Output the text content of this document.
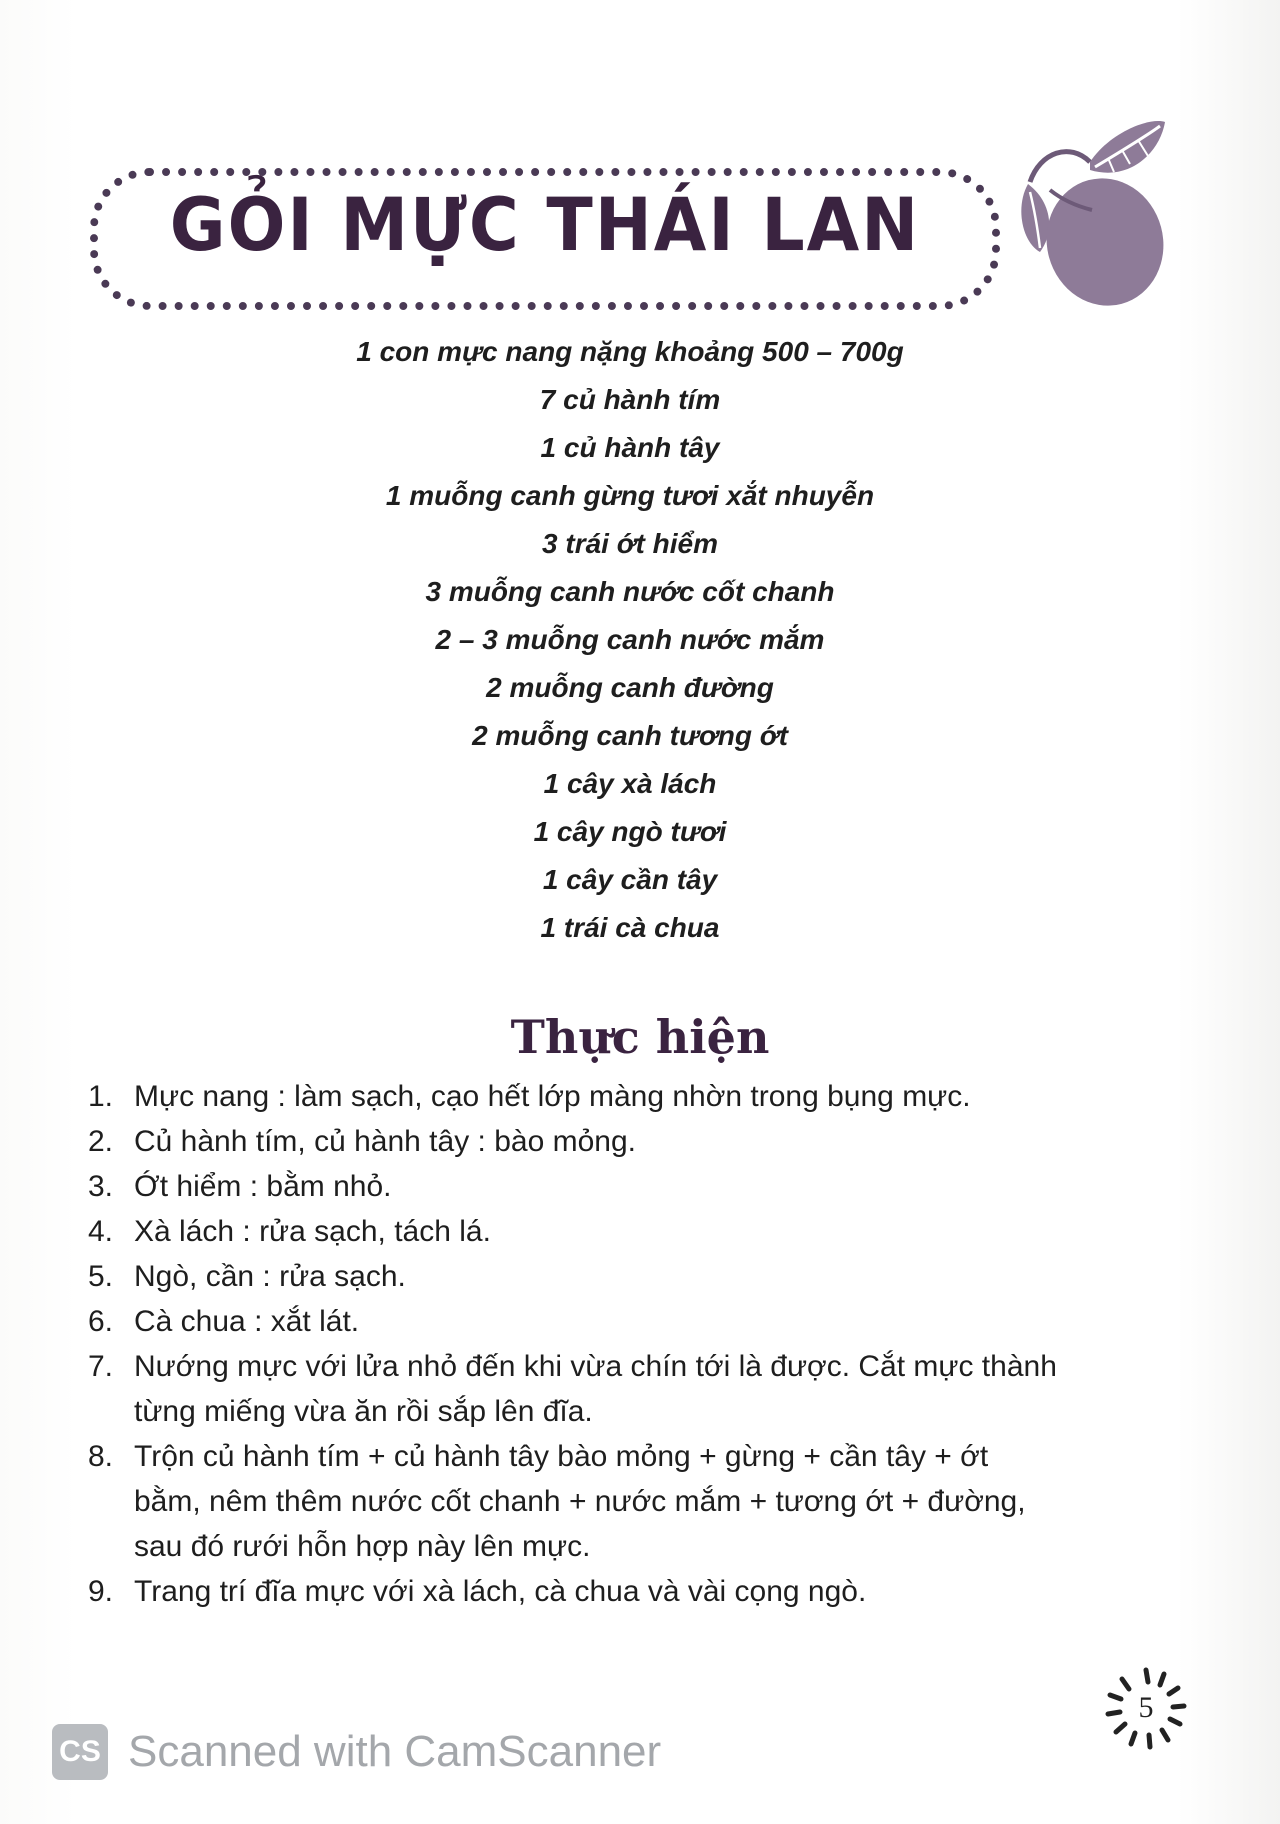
GỎI MỰC THÁI LAN
1 con mực nang nặng khoảng 500 – 700g
7 củ hành tím
1 củ hành tây
1 muỗng canh gừng tươi xắt nhuyễn
3 trái ớt hiểm
3 muỗng canh nước cốt chanh
2 – 3 muỗng canh nước mắm
2 muỗng canh đường
2 muỗng canh tương ớt
1 cây xà lách
1 cây ngò tươi
1 cây cần tây
1 trái cà chua
Thực hiện
1. Mực nang : làm sạch, cạo hết lớp màng nhờn trong bụng mực.
2. Củ hành tím, củ hành tây : bào mỏng.
3. Ớt hiểm : bằm nhỏ.
4. Xà lách : rửa sạch, tách lá.
5. Ngò, cần : rửa sạch.
6. Cà chua : xắt lát.
7. Nướng mực với lửa nhỏ đến khi vừa chín tới là được. Cắt mực thành
từng miếng vừa ăn rồi sắp lên đĩa.
8. Trộn củ hành tím + củ hành tây bào mỏng + gừng + cần tây + ớt
bằm, nêm thêm nước cốt chanh + nước mắm + tương ớt + đường,
sau đó rưới hỗn hợp này lên mực.
9. Trang trí đĩa mực với xà lách, cà chua và vài cọng ngò.
5
CS Scanned with CamScanner
